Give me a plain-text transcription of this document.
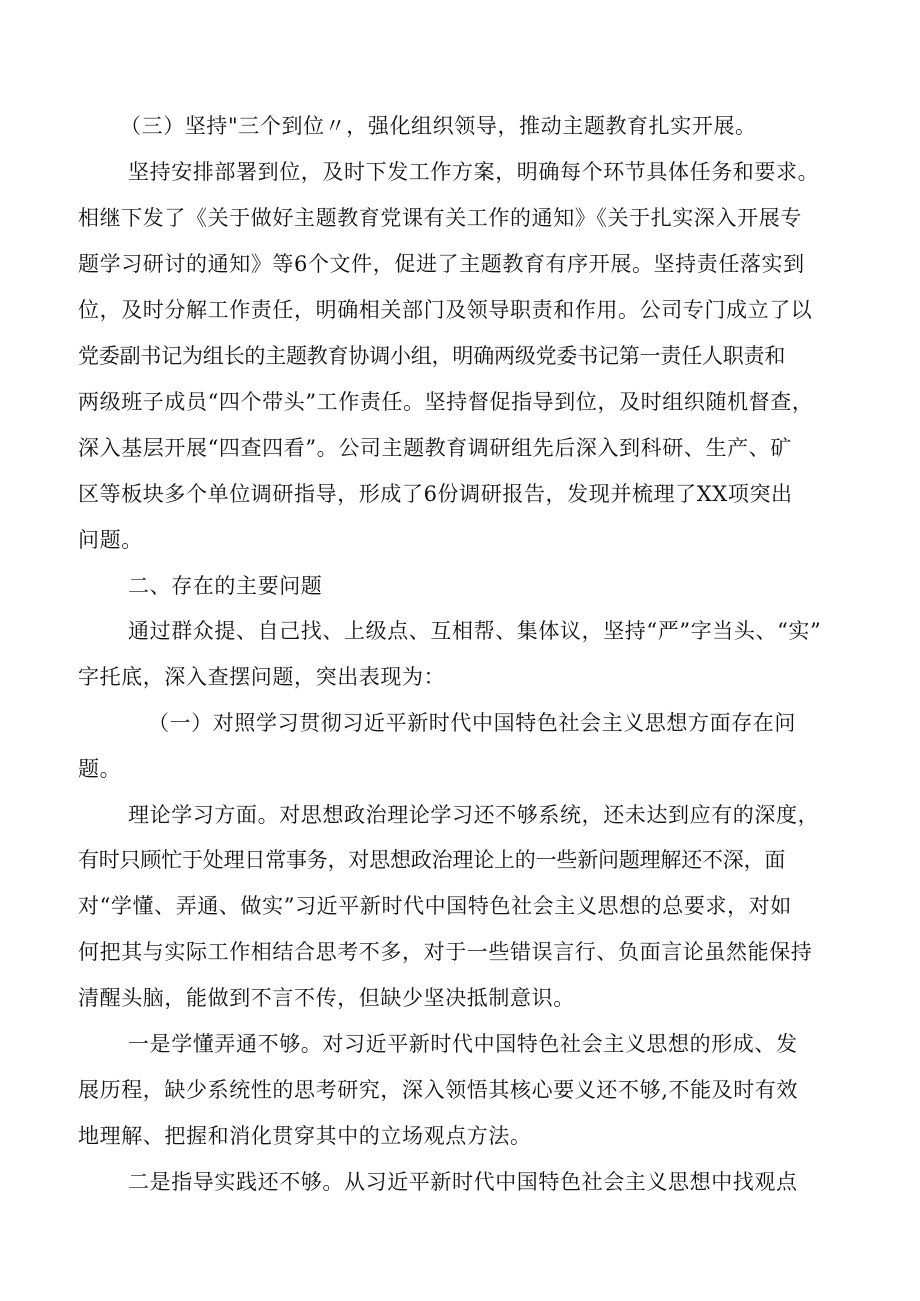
（三）坚持"三个到位〃，强化组织领导，推动主题教育扎实开展。
坚持安排部署到位，及时下发工作方案，明确每个环节具体任务和要求。
相继下发了《关于做好主题教育党课有关工作的通知》《关于扎实深入开展专
题学习研讨的通知》等6个文件，促进了主题教育有序开展。坚持责任落实到
位，及时分解工作责任，明确相关部门及领导职责和作用。公司专门成立了以
党委副书记为组长的主题教育协调小组，明确两级党委书记第一责任人职责和
两级班子成员“四个带头”工作责任。坚持督促指导到位，及时组织随机督查，
深入基层开展“四查四看”。公司主题教育调研组先后深入到科研、生产、矿
区等板块多个单位调研指导，形成了6份调研报告，发现并梳理了XX项突出
问题。
二、存在的主要问题
通过群众提、自己找、上级点、互相帮、集体议，坚持“严”字当头、“实”
字托底，深入查摆问题，突出表现为：
（一）对照学习贯彻习近平新时代中国特色社会主义思想方面存在问
题。
理论学习方面。对思想政治理论学习还不够系统，还未达到应有的深度，
有时只顾忙于处理日常事务，对思想政治理论上的一些新问题理解还不深，面
对“学懂、弄通、做实”习近平新时代中国特色社会主义思想的总要求，对如
何把其与实际工作相结合思考不多，对于一些错误言行、负面言论虽然能保持
清醒头脑，能做到不言不传，但缺少坚决抵制意识。
一是学懂弄通不够。对习近平新时代中国特色社会主义思想的形成、发
展历程，缺少系统性的思考研究，深入领悟其核心要义还不够,不能及时有效
地理解、把握和消化贯穿其中的立场观点方法。
二是指导实践还不够。从习近平新时代中国特色社会主义思想中找观点
